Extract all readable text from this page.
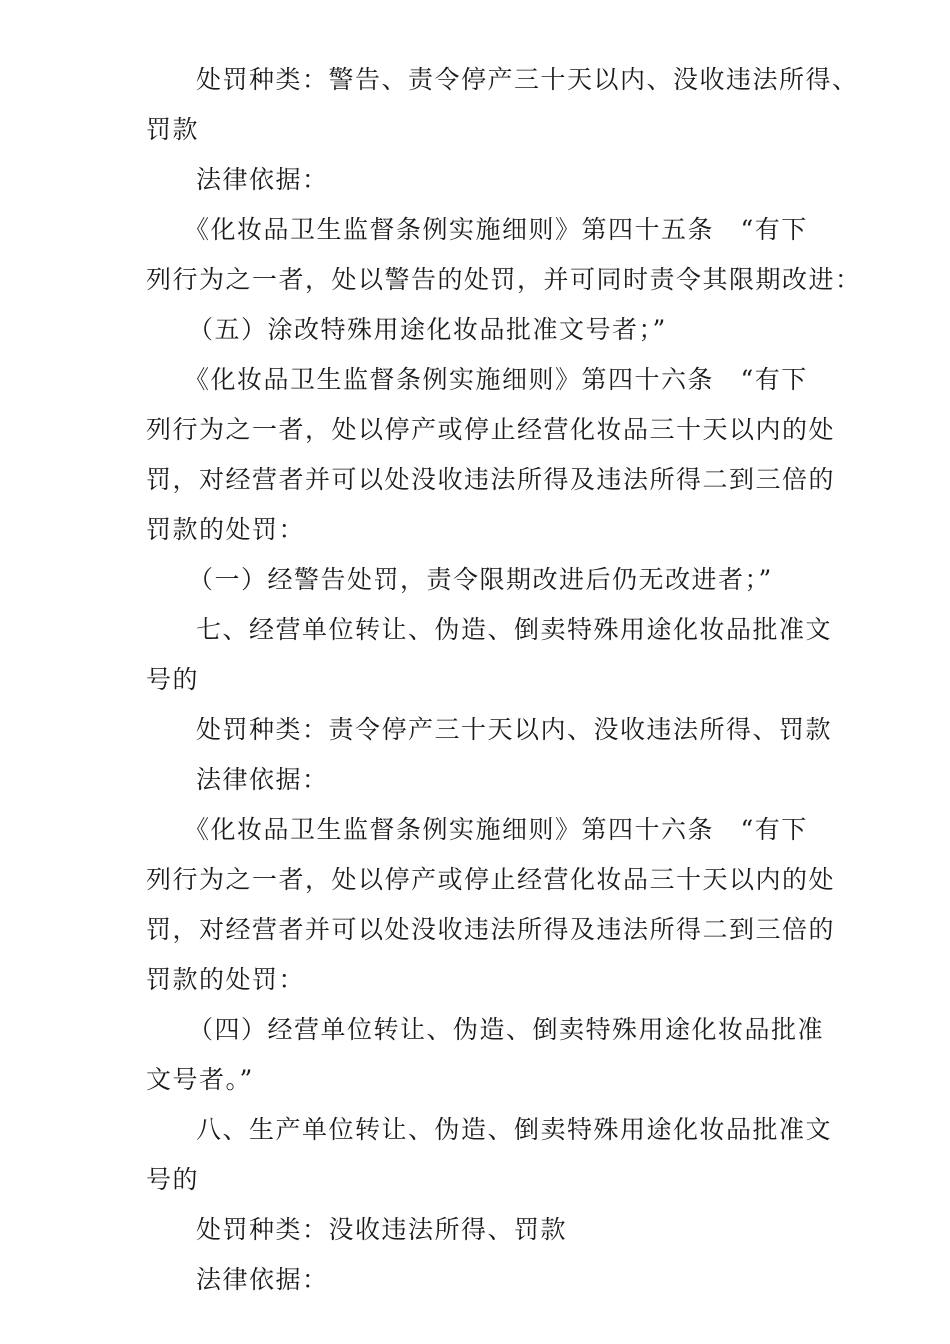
处罚种类：警告、责令停产三十天以内、没收违法所得、
罚款
法律依据：
《化妆品卫生监督条例实施细则》第四十五条　“有下
列行为之一者，处以警告的处罚，并可同时责令其限期改进：
（五）涂改特殊用途化妆品批准文号者；”
《化妆品卫生监督条例实施细则》第四十六条　“有下
列行为之一者，处以停产或停止经营化妆品三十天以内的处
罚，对经营者并可以处没收违法所得及违法所得二到三倍的
罚款的处罚：
（一）经警告处罚，责令限期改进后仍无改进者；”
七、经营单位转让、伪造、倒卖特殊用途化妆品批准文
号的
处罚种类：责令停产三十天以内、没收违法所得、罚款
法律依据：
《化妆品卫生监督条例实施细则》第四十六条　“有下
列行为之一者，处以停产或停止经营化妆品三十天以内的处
罚，对经营者并可以处没收违法所得及违法所得二到三倍的
罚款的处罚：
（四）经营单位转让、伪造、倒卖特殊用途化妆品批准
文号者。”
八、生产单位转让、伪造、倒卖特殊用途化妆品批准文
号的
处罚种类：没收违法所得、罚款
法律依据：
